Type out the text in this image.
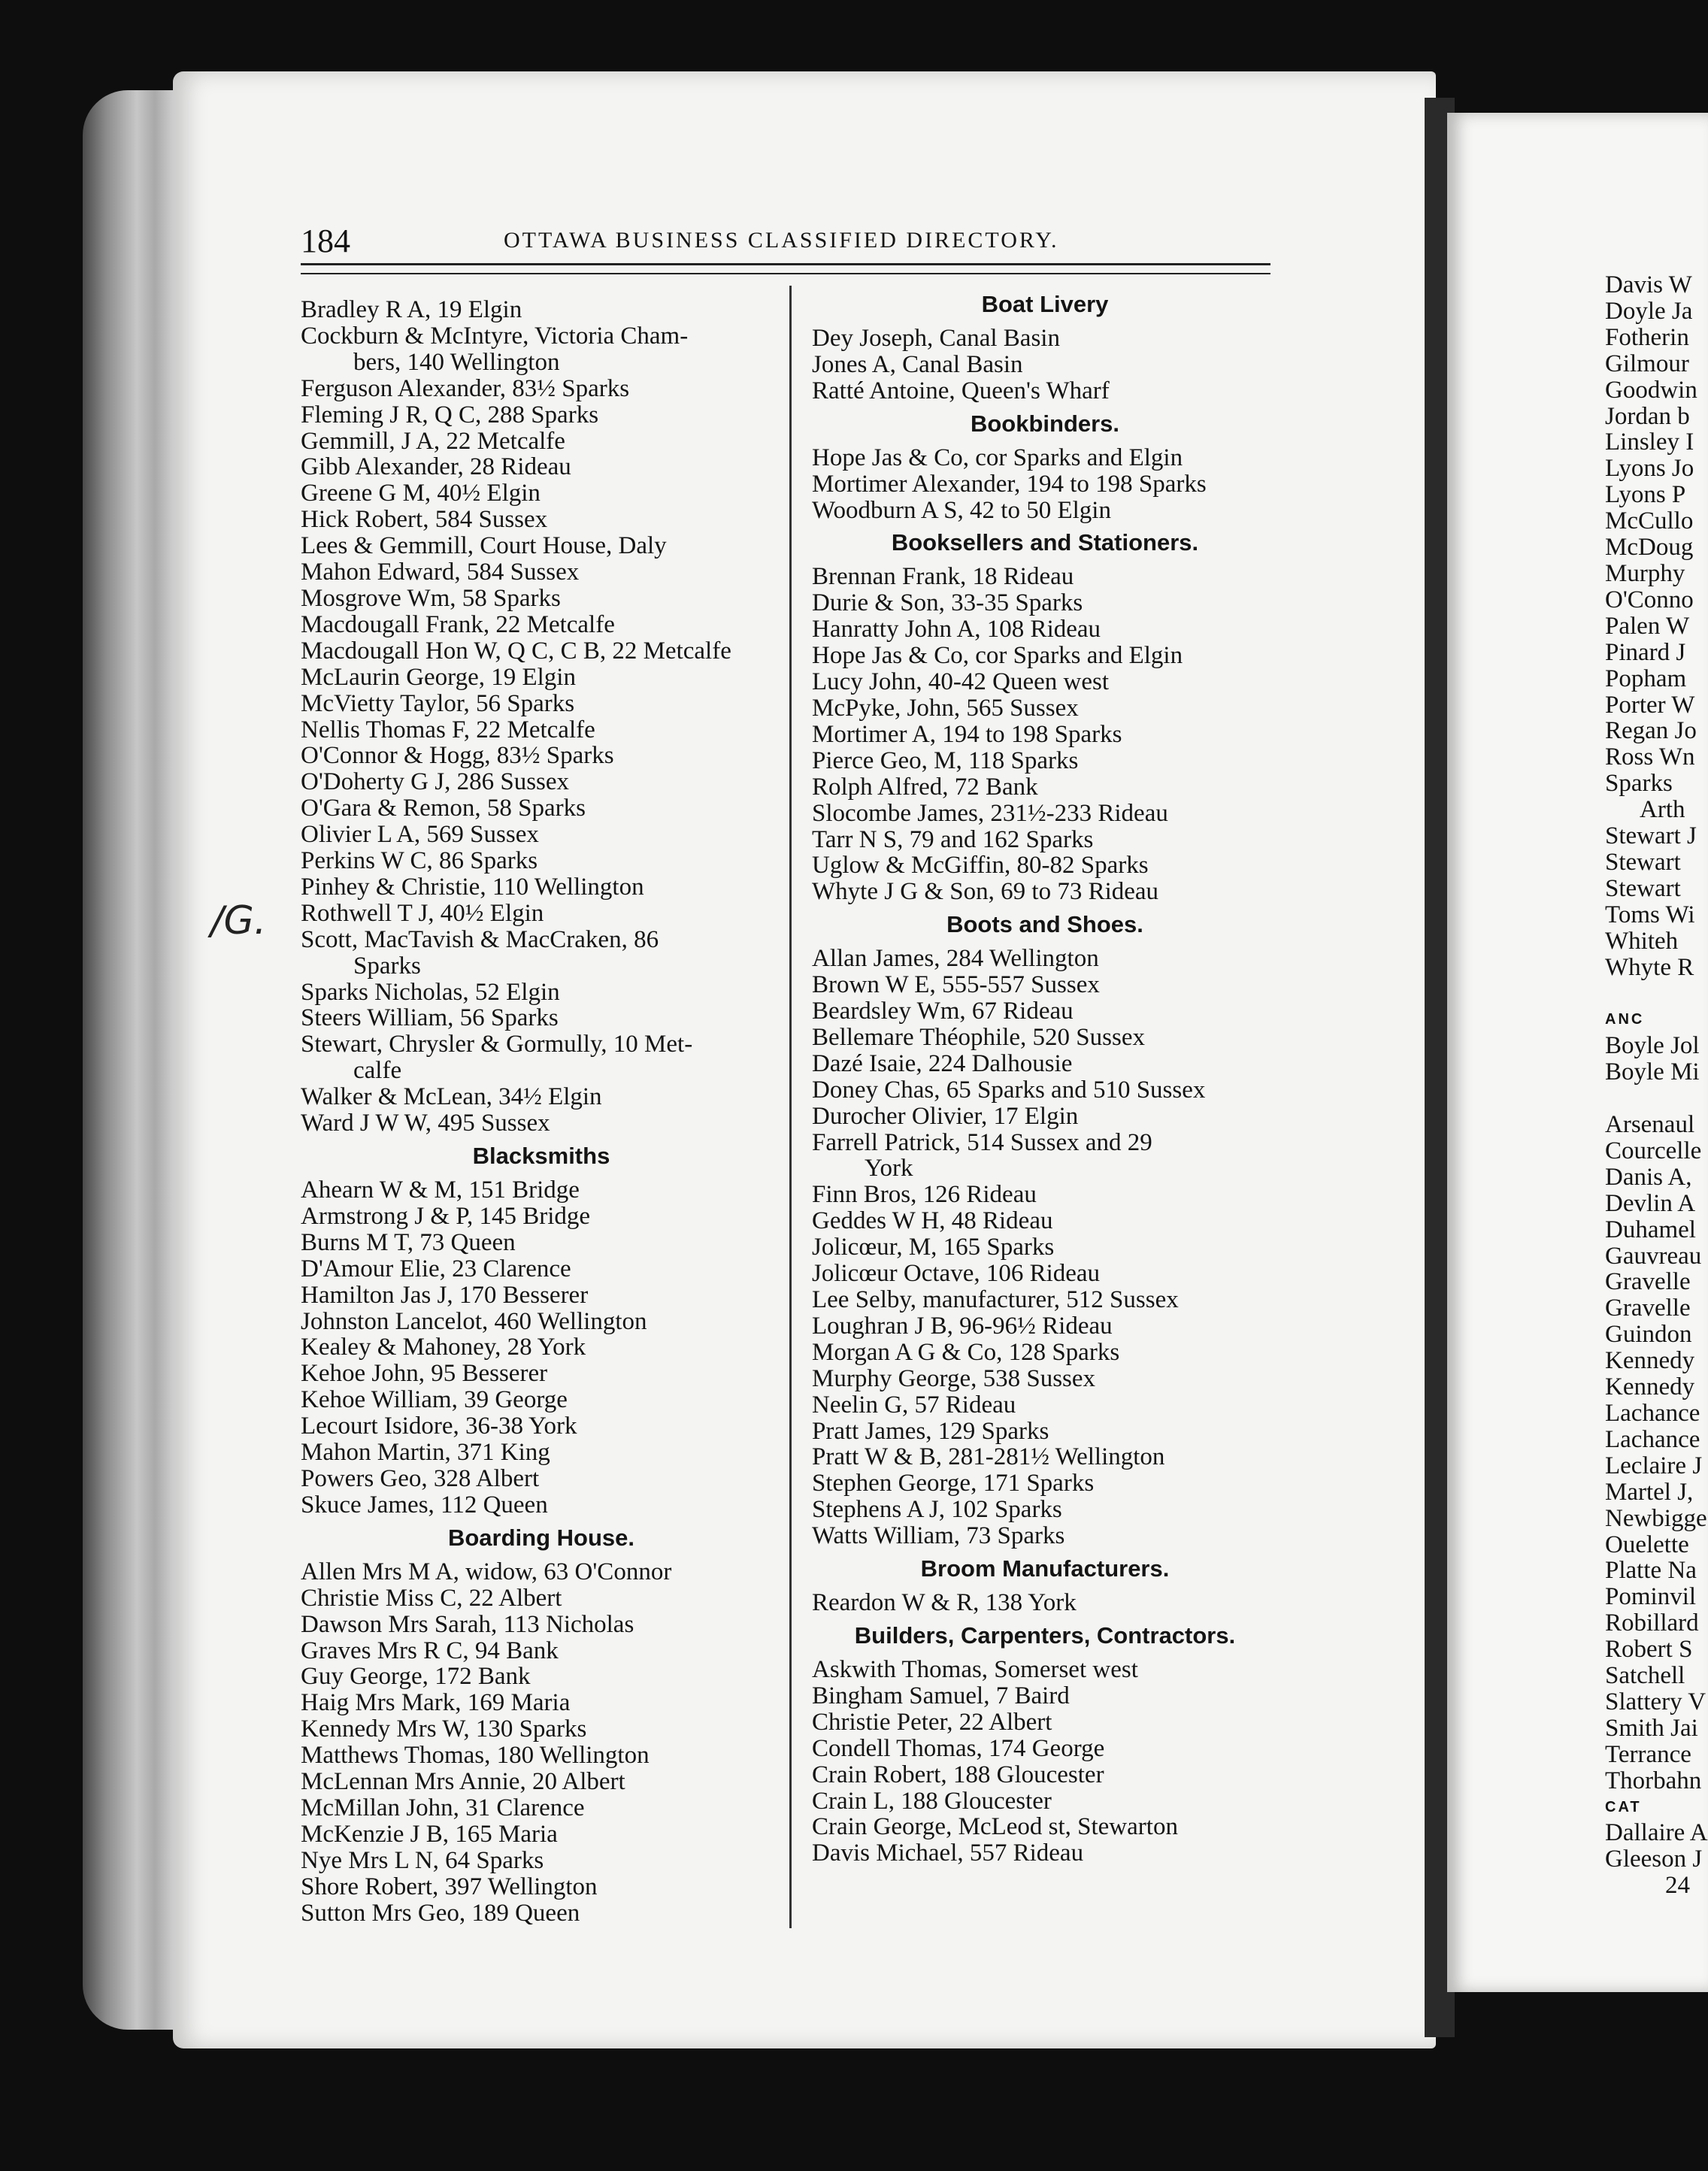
184	OTTAWA BUSINESS CLASSIFIED DIRECTORY.
/G.
Bradley R A, 19 Elgin
Cockburn & McIntyre, Victoria Cham-
bers, 140 Wellington
Ferguson Alexander, 83½ Sparks
Fleming J R, Q C, 288 Sparks
Gemmill, J A, 22 Metcalfe
Gibb Alexander, 28 Rideau
Greene G M, 40½ Elgin
Hick Robert, 584 Sussex
Lees & Gemmill, Court House, Daly
Mahon Edward, 584 Sussex
Mosgrove Wm, 58 Sparks
Macdougall Frank, 22 Metcalfe
Macdougall Hon W, Q C, C B, 22 Metcalfe
McLaurin George, 19 Elgin
McVietty Taylor, 56 Sparks
Nellis Thomas F, 22 Metcalfe
O'Connor & Hogg, 83½ Sparks
O'Doherty G J, 286 Sussex
O'Gara & Remon, 58 Sparks
Olivier L A, 569 Sussex
Perkins W C, 86 Sparks
Pinhey & Christie, 110 Wellington
Rothwell T J, 40½ Elgin
Scott, MacTavish & MacCraken, 86
Sparks
Sparks Nicholas, 52 Elgin
Steers William, 56 Sparks
Stewart, Chrysler & Gormully, 10 Met-
calfe
Walker & McLean, 34½ Elgin
Ward J W W, 495 Sussex
Blacksmiths
Ahearn W & M, 151 Bridge
Armstrong J & P, 145 Bridge
Burns M T, 73 Queen
D'Amour Elie, 23 Clarence
Hamilton Jas J, 170 Besserer
Johnston Lancelot, 460 Wellington
Kealey & Mahoney, 28 York
Kehoe John, 95 Besserer
Kehoe William, 39 George
Lecourt Isidore, 36-38 York
Mahon Martin, 371 King
Powers Geo, 328 Albert
Skuce James, 112 Queen
Boarding House.
Allen Mrs M A, widow, 63 O'Connor
Christie Miss C, 22 Albert
Dawson Mrs Sarah, 113 Nicholas
Graves Mrs R C, 94 Bank
Guy George, 172 Bank
Haig Mrs Mark, 169 Maria
Kennedy Mrs W, 130 Sparks
Matthews Thomas, 180 Wellington
McLennan Mrs Annie, 20 Albert
McMillan John, 31 Clarence
McKenzie J B, 165 Maria
Nye Mrs L N, 64 Sparks
Shore Robert, 397 Wellington
Sutton Mrs Geo, 189 Queen
Boat Livery
Dey Joseph, Canal Basin
Jones A, Canal Basin
Ratté Antoine, Queen's Wharf
Bookbinders.
Hope Jas & Co, cor Sparks and Elgin
Mortimer Alexander, 194 to 198 Sparks
Woodburn A S, 42 to 50 Elgin
Booksellers and Stationers.
Brennan Frank, 18 Rideau
Durie & Son, 33-35 Sparks
Hanratty John A, 108 Rideau
Hope Jas & Co, cor Sparks and Elgin
Lucy John, 40-42 Queen west
McPyke, John, 565 Sussex
Mortimer A, 194 to 198 Sparks
Pierce Geo, M, 118 Sparks
Rolph Alfred, 72 Bank
Slocombe James, 231½-233 Rideau
Tarr N S, 79 and 162 Sparks
Uglow & McGiffin, 80-82 Sparks
Whyte J G & Son, 69 to 73 Rideau
Boots and Shoes.
Allan James, 284 Wellington
Brown W E, 555-557 Sussex
Beardsley Wm, 67 Rideau
Bellemare Théophile, 520 Sussex
Dazé Isaie, 224 Dalhousie
Doney Chas, 65 Sparks and 510 Sussex
Durocher Olivier, 17 Elgin
Farrell Patrick, 514 Sussex and 29
York
Finn Bros, 126 Rideau
Geddes W H, 48 Rideau
Jolicœur, M, 165 Sparks
Jolicœur Octave, 106 Rideau
Lee Selby, manufacturer, 512 Sussex
Loughran J B, 96-96½ Rideau
Morgan A G & Co, 128 Sparks
Murphy George, 538 Sussex
Neelin G, 57 Rideau
Pratt James, 129 Sparks
Pratt W & B, 281-281½ Wellington
Stephen George, 171 Sparks
Stephens A J, 102 Sparks
Watts William, 73 Sparks
Broom Manufacturers.
Reardon W & R, 138 York
Builders, Carpenters, Contractors.
Askwith Thomas, Somerset west
Bingham Samuel, 7 Baird
Christie Peter, 22 Albert
Condell Thomas, 174 George
Crain Robert, 188 Gloucester
Crain L, 188 Gloucester
Crain George, McLeod st, Stewarton
Davis Michael, 557 Rideau
Davis W
Doyle Ja
Fotherin
Gilmour
Goodwin
Jordan b
Linsley I
Lyons Jo
Lyons P
McCullo
McDoug
Murphy
O'Conno
Palen W
Pinard J
Popham
Porter W
Regan Jo
Ross Wn
Sparks
Arth
Stewart J
Stewart
Stewart
Toms Wi
Whiteh
Whyte R

ANC
Boyle Jol
Boyle Mi

Arsenaul
Courcelle
Danis A,
Devlin A
Duhamel
Gauvreau
Gravelle
Gravelle
Guindon
Kennedy
Kennedy
Lachance
Lachance
Leclaire J
Martel J,
Newbigge
Ouelette
Platte Na
Pominvil
Robillard
Robert S
Satchell
Slattery V
Smith Jai
Terrance
Thorbahn
CAT
Dallaire A
Gleeson J
24
